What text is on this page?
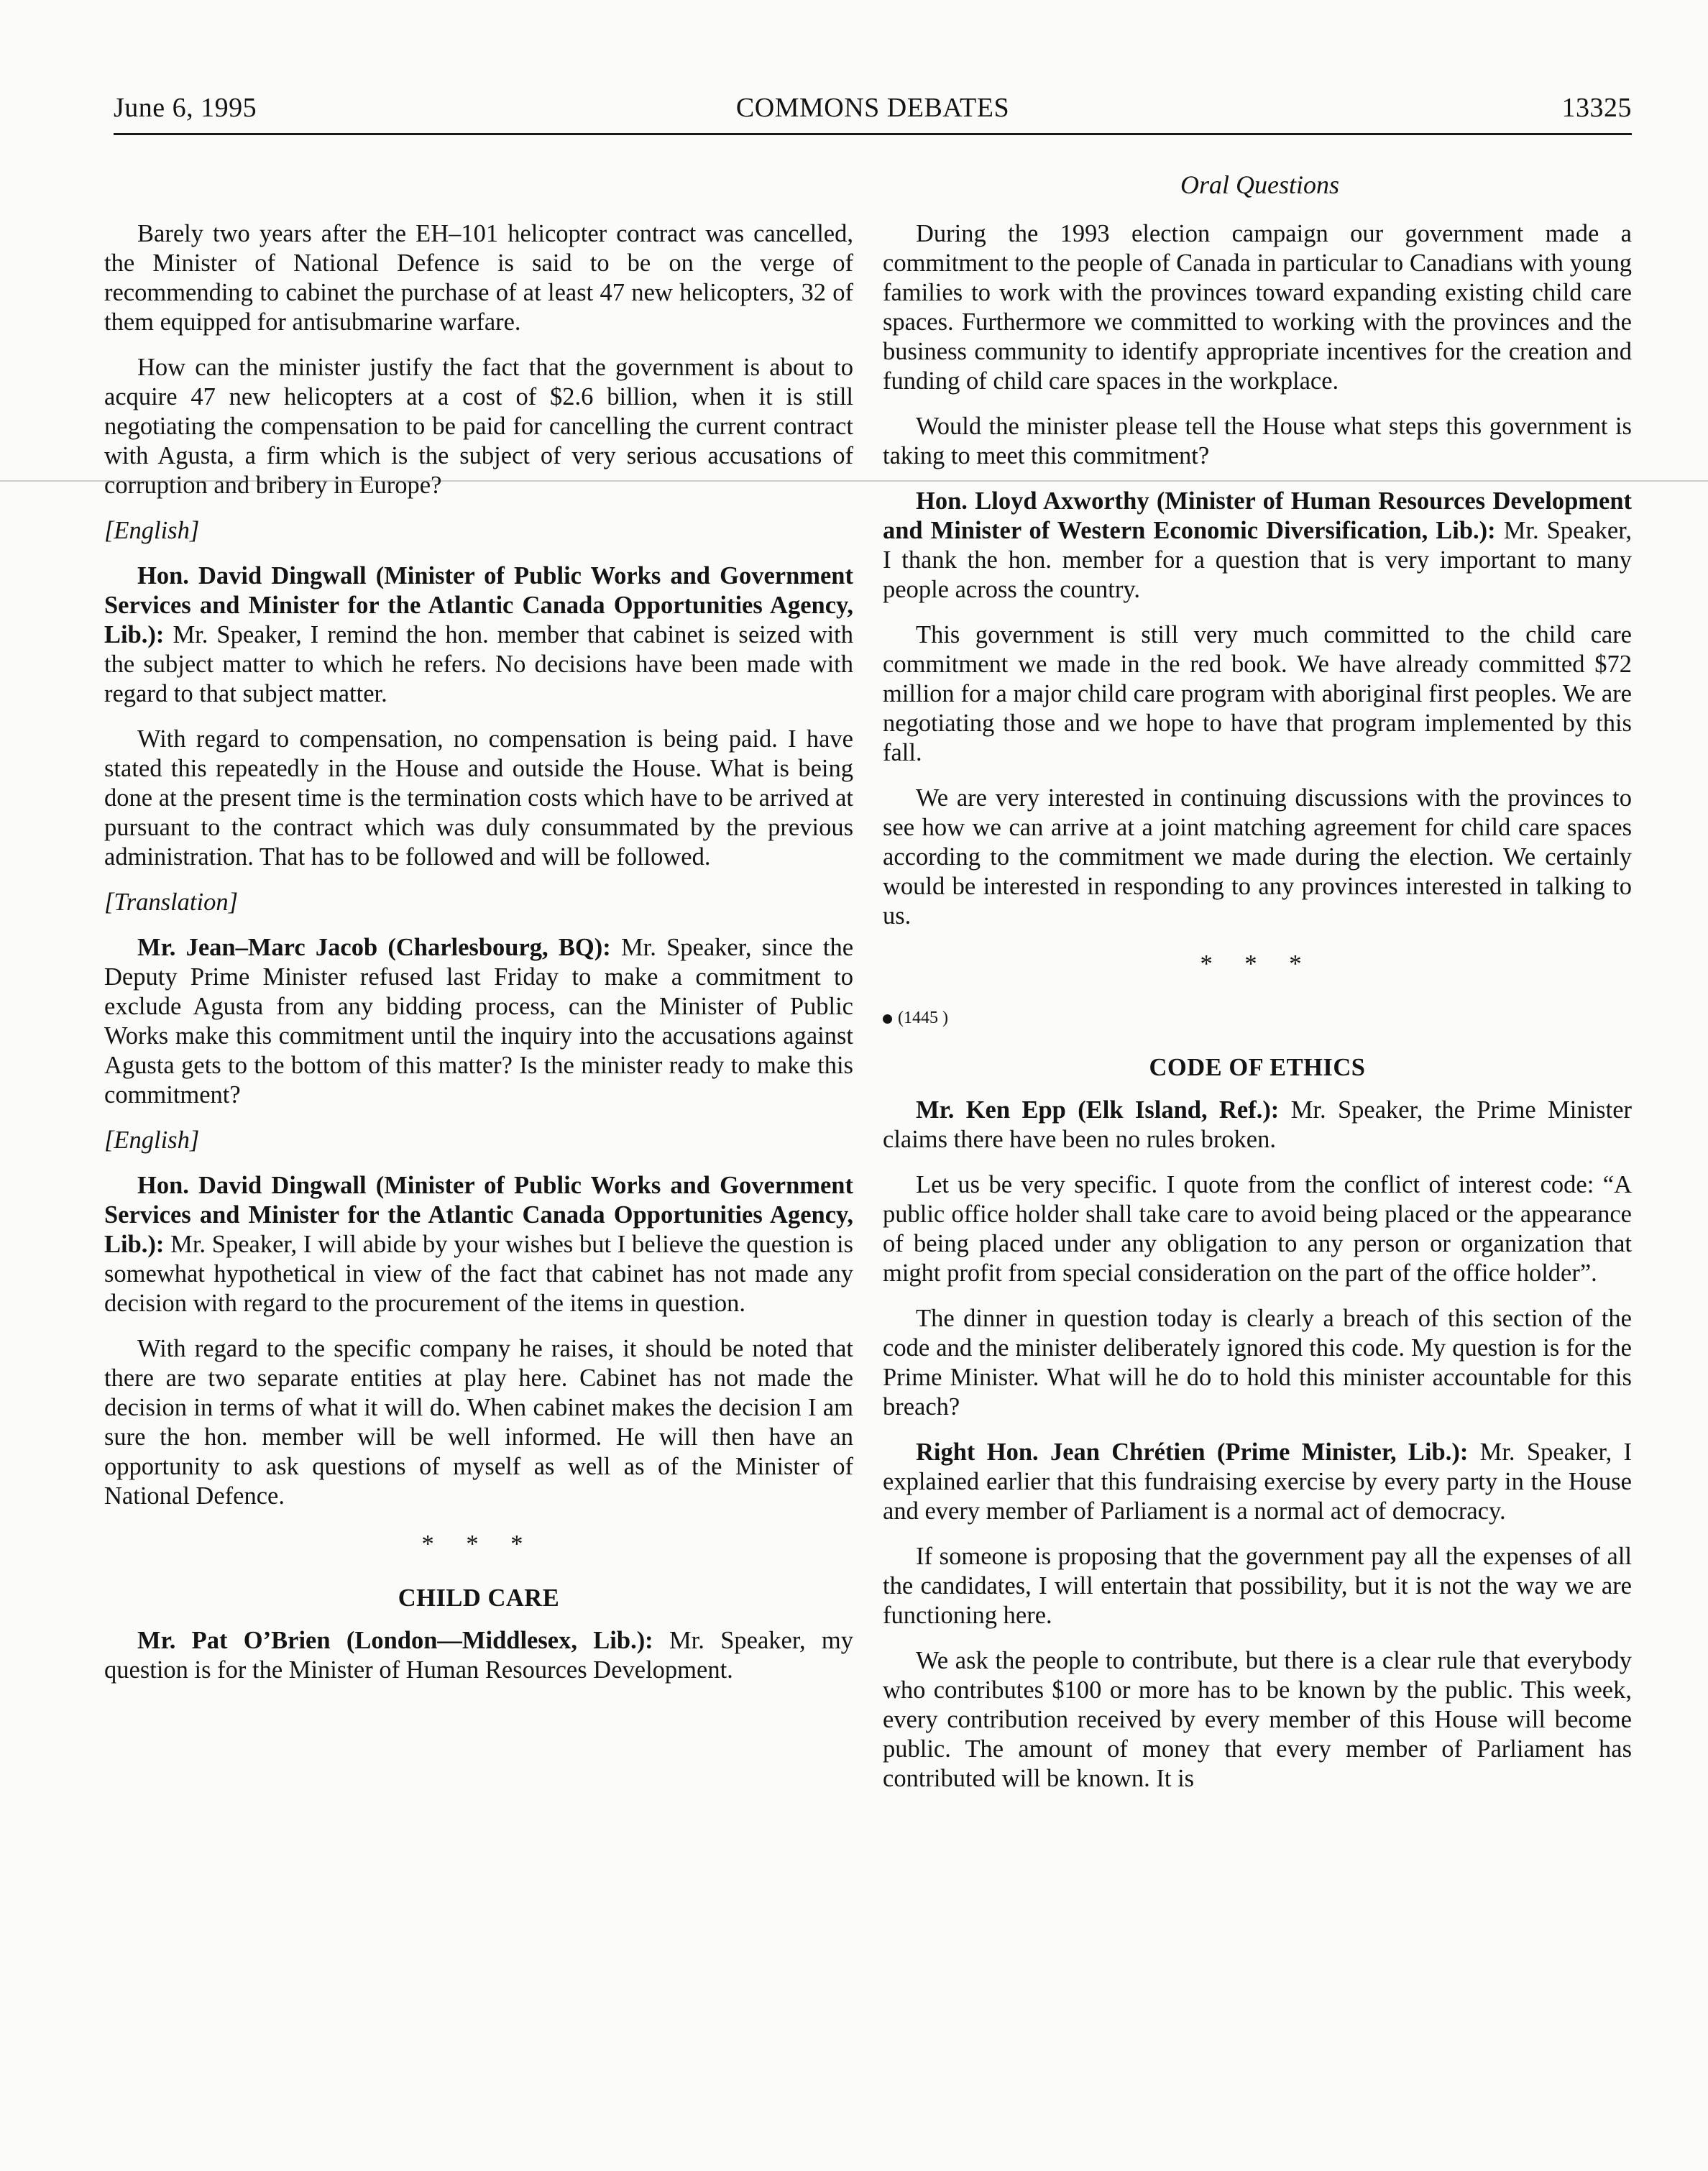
June 6, 1995	COMMONS DEBATES	13325
Oral Questions

Barely two years after the EH–101 helicopter contract was cancelled, the Minister of National Defence is said to be on the verge of recommending to cabinet the purchase of at least 47 new helicopters, 32 of them equipped for antisubmarine warfare.

How can the minister justify the fact that the government is about to acquire 47 new helicopters at a cost of $2.6 billion, when it is still negotiating the compensation to be paid for cancelling the current contract with Agusta, a firm which is the subject of very serious accusations of corruption and bribery in Europe?

[English]

Hon. David Dingwall (Minister of Public Works and Government Services and Minister for the Atlantic Canada Opportunities Agency, Lib.): Mr. Speaker, I remind the hon. member that cabinet is seized with the subject matter to which he refers. No decisions have been made with regard to that subject matter.

With regard to compensation, no compensation is being paid. I have stated this repeatedly in the House and outside the House. What is being done at the present time is the termination costs which have to be arrived at pursuant to the contract which was duly consummated by the previous administration. That has to be followed and will be followed.

[Translation]

Mr. Jean–Marc Jacob (Charlesbourg, BQ): Mr. Speaker, since the Deputy Prime Minister refused last Friday to make a commitment to exclude Agusta from any bidding process, can the Minister of Public Works make this commitment until the inquiry into the accusations against Agusta gets to the bottom of this matter? Is the minister ready to make this commitment?

[English]

Hon. David Dingwall (Minister of Public Works and Government Services and Minister for the Atlantic Canada Opportunities Agency, Lib.): Mr. Speaker, I will abide by your wishes but I believe the question is somewhat hypothetical in view of the fact that cabinet has not made any decision with regard to the procurement of the items in question.

With regard to the specific company he raises, it should be noted that there are two separate entities at play here. Cabinet has not made the decision in terms of what it will do. When cabinet makes the decision I am sure the hon. member will be well informed. He will then have an opportunity to ask questions of myself as well as of the Minister of National Defence.

* * *

CHILD CARE

Mr. Pat O’Brien (London—Middlesex, Lib.): Mr. Speaker, my question is for the Minister of Human Resources Development.

During the 1993 election campaign our government made a commitment to the people of Canada in particular to Canadians with young families to work with the provinces toward expanding existing child care spaces. Furthermore we committed to working with the provinces and the business community to identify appropriate incentives for the creation and funding of child care spaces in the workplace.

Would the minister please tell the House what steps this government is taking to meet this commitment?

Hon. Lloyd Axworthy (Minister of Human Resources Development and Minister of Western Economic Diversification, Lib.): Mr. Speaker, I thank the hon. member for a question that is very important to many people across the country.

This government is still very much committed to the child care commitment we made in the red book. We have already committed $72 million for a major child care program with aboriginal first peoples. We are negotiating those and we hope to have that program implemented by this fall.

We are very interested in continuing discussions with the provinces to see how we can arrive at a joint matching agreement for child care spaces according to the commitment we made during the election. We certainly would be interested in responding to any provinces interested in talking to us.

* * *

(1445 )

CODE OF ETHICS

Mr. Ken Epp (Elk Island, Ref.): Mr. Speaker, the Prime Minister claims there have been no rules broken.

Let us be very specific. I quote from the conflict of interest code: “A public office holder shall take care to avoid being placed or the appearance of being placed under any obligation to any person or organization that might profit from special consideration on the part of the office holder”.

The dinner in question today is clearly a breach of this section of the code and the minister deliberately ignored this code. My question is for the Prime Minister. What will he do to hold this minister accountable for this breach?

Right Hon. Jean Chrétien (Prime Minister, Lib.): Mr. Speaker, I explained earlier that this fundraising exercise by every party in the House and every member of Parliament is a normal act of democracy.

If someone is proposing that the government pay all the expenses of all the candidates, I will entertain that possibility, but it is not the way we are functioning here.

We ask the people to contribute, but there is a clear rule that everybody who contributes $100 or more has to be known by the public. This week, every contribution received by every member of this House will become public. The amount of money that every member of Parliament has contributed will be known. It is
